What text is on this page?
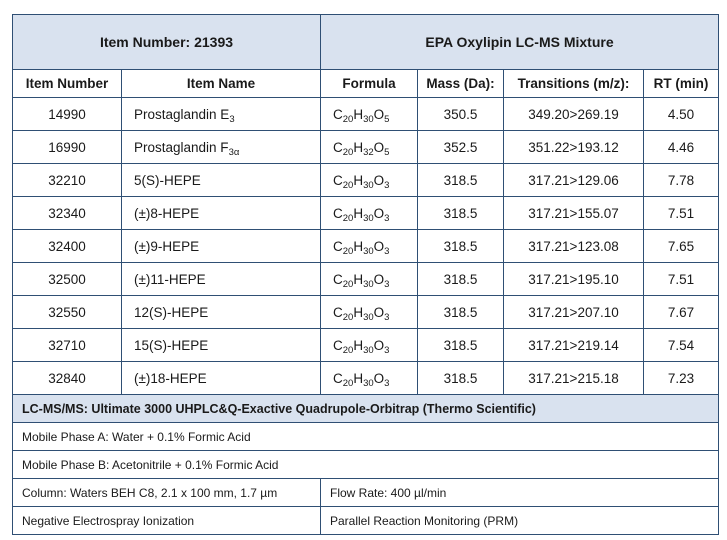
Item Number: 21393		EPA Oxylipin LC-MS Mixture			
Item Number	Item Name	Formula	Mass (Da):	Transitions (m/z):	RT (min)
14990	Prostaglandin $E_3$	$C_{20}H_{30}O_5$	350.5	349.20>269.19	4.50
16990	Prostaglandin $F_{3\alpha}$	$C_{20}H_{32}O_5$	352.5	351.22>193.12	4.46
32210	5(S)-HEPE	$C_{20}H_{30}O_3$	318.5	317.21>129.06	7.78
32340	(±)8-HEPE	$C_{20}H_{30}O_3$	318.5	317.21>155.07	7.51
32400	(±)9-HEPE	$C_{20}H_{30}O_3$	318.5	317.21>123.08	7.65
32500	(±)11-HEPE	$C_{20}H_{30}O_3$	318.5	317.21>195.10	7.51
32550	12(S)-HEPE	$C_{20}H_{30}O_3$	318.5	317.21>207.10	7.67
32710	15(S)-HEPE	$C_{20}H_{30}O_3$	318.5	317.21>219.14	7.54
32840	(±)18-HEPE	$C_{20}H_{30}O_3$	318.5	317.21>215.18	7.23
LC-MS/MS: Ultimate 3000 UHPLC&Q-Exactive Quadrupole-Orbitrap (Thermo Scientific)					
Mobile Phase A: Water + 0.1% Formic Acid					
Mobile Phase B: Acetonitrile + 0.1% Formic Acid					
Column: Waters BEH C8, 2.1 x 100 mm, 1.7 µm		Flow Rate: 400 µl/min			
Negative Electrospray Ionization		Parallel Reaction Monitoring (PRM)			
